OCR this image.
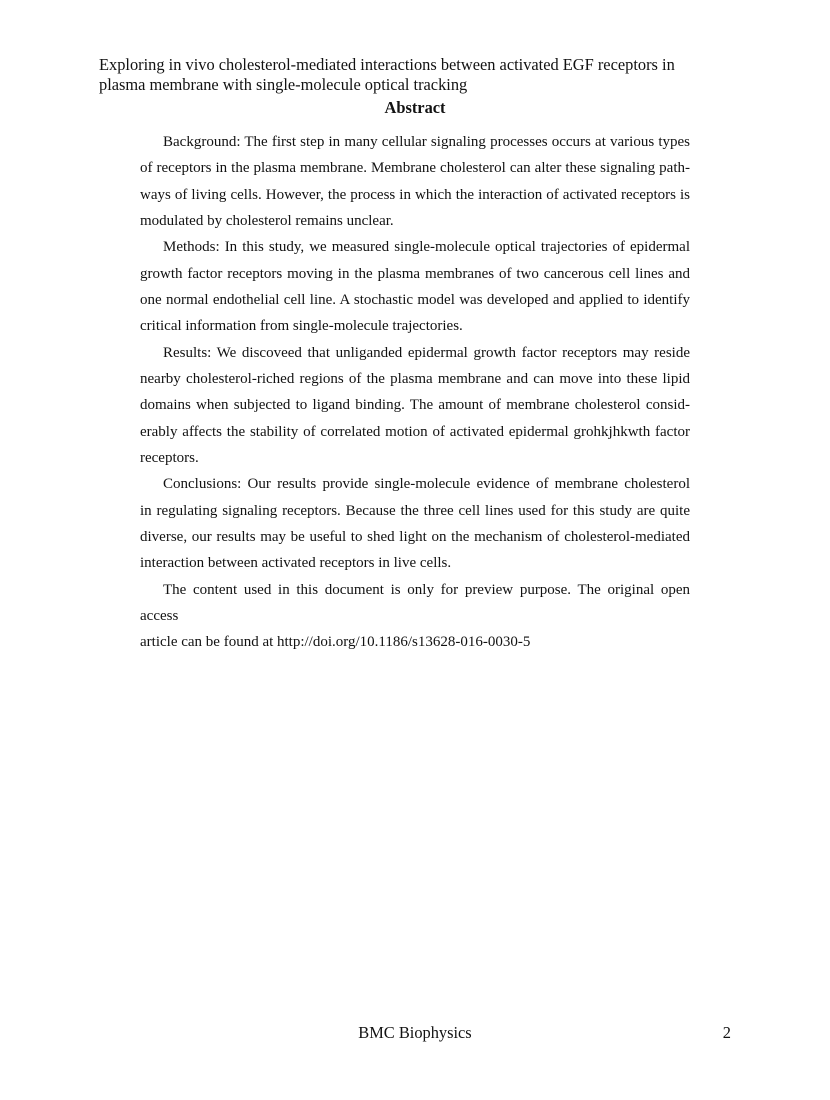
Exploring in vivo cholesterol-mediated interactions between activated EGF receptors in
plasma membrane with single-molecule optical tracking
Abstract
Background: The first step in many cellular signaling processes occurs at various types
of receptors in the plasma membrane. Membrane cholesterol can alter these signaling path-
ways of living cells. However, the process in which the interaction of activated receptors is
modulated by cholesterol remains unclear.
Methods: In this study, we measured single-molecule optical trajectories of epidermal
growth factor receptors moving in the plasma membranes of two cancerous cell lines and
one normal endothelial cell line. A stochastic model was developed and applied to identify
critical information from single-molecule trajectories.
Results: We discoveed that unliganded epidermal growth factor receptors may reside
nearby cholesterol-riched regions of the plasma membrane and can move into these lipid
domains when subjected to ligand binding. The amount of membrane cholesterol consid-
erably affects the stability of correlated motion of activated epidermal grohkjhkwth factor
receptors.
Conclusions: Our results provide single-molecule evidence of membrane cholesterol
in regulating signaling receptors. Because the three cell lines used for this study are quite
diverse, our results may be useful to shed light on the mechanism of cholesterol-mediated
interaction between activated receptors in live cells.
The content used in this document is only for preview purpose. The original open access
article can be found at http://doi.org/10.1186/s13628-016-0030-5
BMC Biophysics	2
